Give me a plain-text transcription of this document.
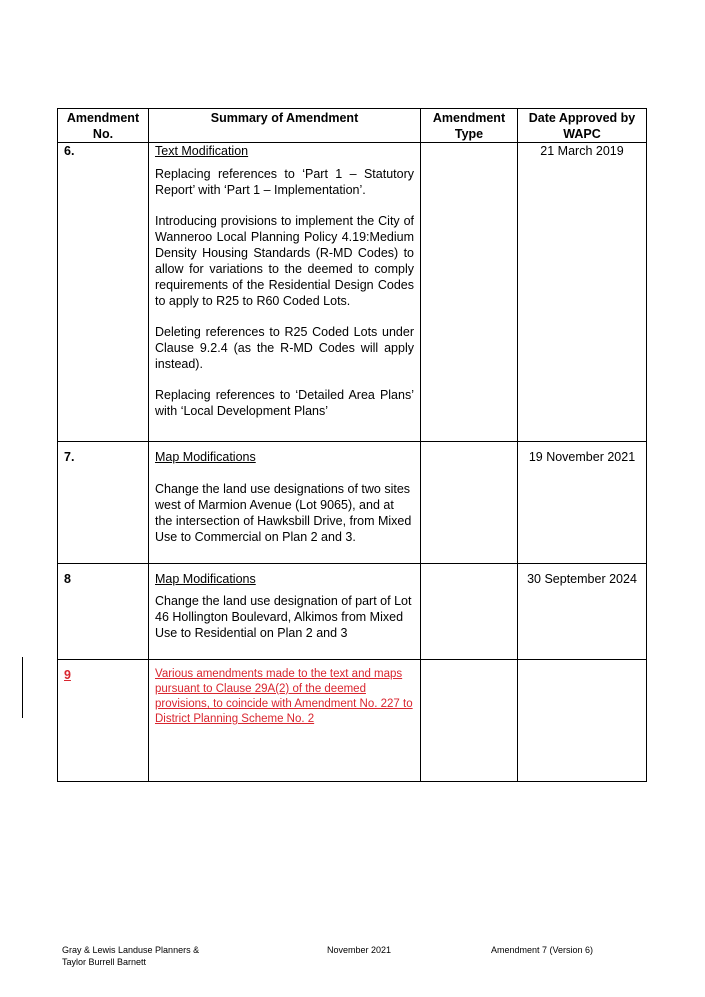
Amendment No.	Summary of Amendment	Amendment Type	Date Approved by WAPC
6.	Text Modification

Replacing references to ‘Part 1 – Statutory Report’ with ‘Part 1 – Implementation’.

Introducing provisions to implement the City of Wanneroo Local Planning Policy 4.19:Medium Density Housing Standards (R-MD Codes) to allow for variations to the deemed to comply requirements of the Residential Design Codes to apply to R25 to R60 Coded Lots.

Deleting references to R25 Coded Lots under Clause 9.2.4 (as the R-MD Codes will apply instead).

Replacing references to ‘Detailed Area Plans’ with ‘Local Development Plans’		21 March 2019
7.	Map Modifications

Change the land use designations of two sites west of Marmion Avenue (Lot 9065), and at the intersection of Hawksbill Drive, from Mixed Use to Commercial on Plan 2 and 3.		19 November 2021
8	Map Modifications

Change the land use designation of part of Lot 46 Hollington Boulevard, Alkimos from Mixed Use to Residential on Plan 2 and 3		30 September 2024
9	Various amendments made to the text and maps pursuant to Clause 29A(2) of the deemed provisions, to coincide with Amendment No. 227 to District Planning Scheme No. 2		

Gray & Lewis Landuse Planners &
Taylor Burrell Barnett
November 2021	Amendment 7 (Version 6)
